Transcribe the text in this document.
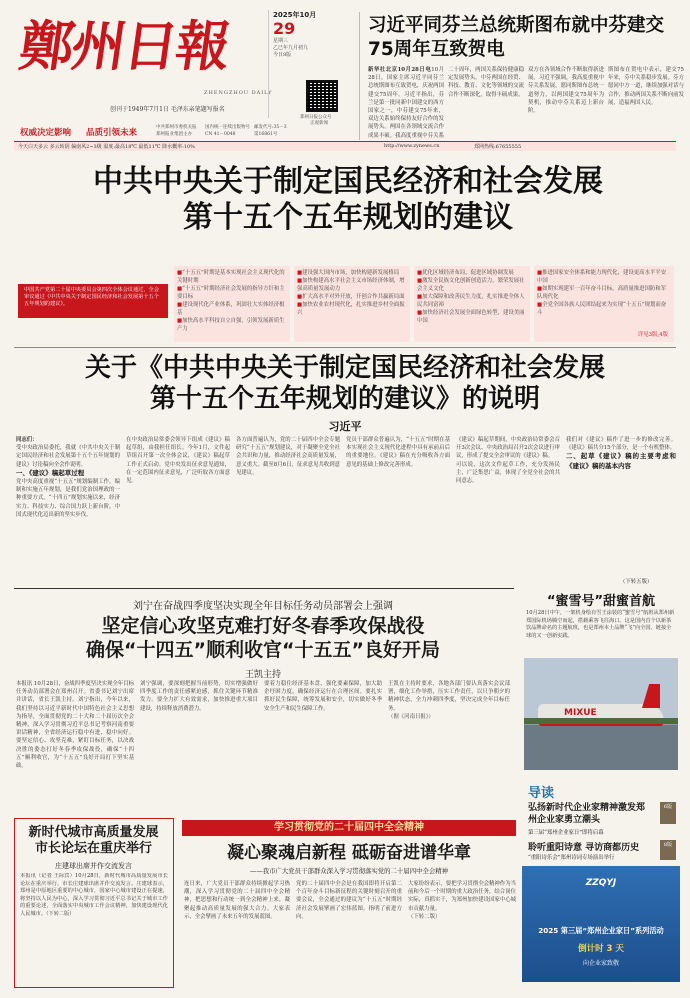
鄭州日報
ZHENGZHOU DAILY
创刊于1949年7月1日 毛泽东亲笔题写报名
2025年10月
29
星期三
乙巳年九月初九
今日8版
郑州日报公众号
正观新闻
权威决定影响 品质引领未来
中共郑州市委机关报
郑州报业集团主办
国内统一连续出版物号
CN 41－0048
邮发代号:35－3
第16861号
今天白天多云 多云转阴 偏南风2~3级 温度:最高18℃ 最低11℃ 降水概率:10%	http://www.zynews.cn	郑网热线:67655555
习近平同芬兰总统斯图布就中芬建交75周年互致贺电
新华社北京10月28日电10月28日，国家主席习近平同芬兰总统斯图布互致贺电，庆祝两国建交75周年。习近平指出，芬兰是第一批同新中国建交的西方国家之一，中芬建交75年来，双边关系始终保持友好合作的发展势头。两国在各领域交流合作成果丰硕。我高度重视中芬关系
二十周年，两国关系保持健康稳定发展势头。中芬两国在经贸、科技、教育、文化等领域的交流合作不断深化，取得丰硕成果。
双方在各领域合作不断取得新进展。习近平强调，我高度重视中芬关系发展，愿同斯图布总统一道努力，以两国建交75周年为契机，推动中芬关系迈上新台阶。
斯图布在贺电中表示，建交75年来，芬中关系稳步发展。芬方愿同中方一道，继续加强对话与合作，推动两国关系不断向前发展，造福两国人民。
中共中央关于制定国民经济和社会发展
第十五个五年规划的建议
中国共产党第二十届中央委员会第四次全体会议通过，全会审议通过《中共中央关于制定国民经济和社会发展第十五个五年规划的建议》。
■“十五五”时期是基本实现社会主义现代化的关键时期
■“十五五”时期经济社会发展的指导方针和主要目标
■建设现代化产业体系，巩固壮大实体经济根基
■加快高水平科技自立自强，引领发展新质生产力
■建设强大国内市场，加快构建新发展格局
■加快构建高水平社会主义市场经济体制，增强高质量发展动力
■扩大高水平对外开放，开创合作共赢新局面
■加快农业农村现代化，扎实推进乡村全面振兴
■优化区域经济布局，促进区域协调发展
■激发全民族文化创新创造活力，繁荣发展社会主义文化
■加大保障和改善民生力度，扎实推进全体人民共同富裕
■加快经济社会发展全面绿色转型，建设美丽中国
■推进国家安全体系和能力现代化，建设更高水平平安中国
■如期实现建军一百年奋斗目标，高质量推进国防和军队现代化
■全党全国各族人民团结起来为实现“十五五”规划而奋斗
详见3版,4版
关于《中共中央关于制定国民经济和社会发展
第十五个五年规划的建议》的说明
习近平
同志们：
受中央政治局委托，我就《中共中央关于制定国民经济和社会发展第十五个五年规划的建议》讨论稿向全会作说明。
一、《建议》稿起草过程
党中央高度重视“十五五”规划编制工作。编制和实施五年规划，是我们党治国理政的一种重要方式。“十四五”规划实施以来，经济实力、科技实力、综合国力跃上新台阶，中国式现代化迈出新的坚实步伐。
在中央政治局常委会领导下组成《建议》稿起草组，由我担任组长。今年1月，文件起草组召开第一次全体会议，《建议》稿起草工作正式启动。党中央发出征求意见通知，在一定范围内征求意见，广泛听取各方面意见。
各方面普遍认为，党的二十届四中全会专题研究“十五五”规划建议，对于凝聚全党全社会共识和力量，推动经济社会高质量发展，意义重大。截至8月6日，征求意见共收到意见建议。
党员干部群众普遍认为，“十五五”时期在基本实现社会主义现代化进程中具有承前启后的重要地位。《建议》稿在充分吸收各方面意见的基础上修改完善形成。
《建议》稿起草期间，中央政治局常委会召开3次会议、中央政治局召开2次会议进行审议，形成了提交全会审议的《建议》稿。
可以说，这次文件起草工作，充分发扬民主，广泛集思广益，体现了全党全社会的共同意志。
我们对《建议》稿作了进一步的修改完善。《建议》稿共分15个部分，是一个有机整体。
二、起草《建议》稿的主要考虑和《建议》稿的基本内容
（下转五版）
刘宁在奋战四季度坚决实现全年目标任务动员部署会上强调
坚定信心攻坚克难打好冬春季攻保战役
确保“十四五”顺利收官“十五五”良好开局
王凯主持
本报讯 10月28日，奋战四季度坚决实现全年目标任务动员部署会在郑州召开。省委书记刘宁出席并讲话，省长王凯主持。刘宁指出，今年以来，我们坚持以习近平新时代中国特色社会主义思想为指导，全面贯彻党的二十大和二十届历次全会精神，深入学习贯彻习近平总书记考察河南重要讲话精神，全省经济运行稳中有进、稳中向好。要坚定信心、攻坚克难，紧盯目标任务，以决战决胜的姿态打好冬春季攻保战役，确保“十四五”顺利收官，为“十五五”良好开局打下坚实基础。
刘宁强调，要深刻把握当前形势，切实增强做好四季度工作的责任感紧迫感，抓住关键环节精准发力。要全力扩大有效需求，加快推进重大项目建设，持续释放消费潜力。
要着力稳住经济基本盘，强化要素保障，加大助企纾困力度，确保经济运行在合理区间。要扎实抓好民生保障，统筹发展和安全，切实做好冬季安全生产和民生保障工作。
王凯在主持时要求，各地各部门要认真落实会议部署，细化工作举措，压实工作责任，以只争朝夕的精神状态，全力冲刺四季度，坚决完成全年目标任务。
（据《河南日报》）
“蜜雪号”甜蜜首航
10月28日中午，一架机身绘有雪王涂装的“蜜雪号”航班从郑州新郑国际机场腾空而起，搭载乘客飞往海口。这是国内首个以新茶饮品牌命名的主题航班，也是郑州本土品牌“飞”向全国、链接全球的又一创新实践。
MIXUE
导读
弘扬新时代企业家精神激发郑州企业家勇立潮头
第三届“郑州企业家日”即将启幕
6版
聆听重阳诗意 寻访商都历史
“重阳诗乐会”郑州诗词专场演出举行
8版
ZZQYJ
2025 第三届“郑州企业家日”系列活动
倒计时 3 天
向企业家致敬
新时代城市高质量发展
市长论坛在重庆举行
庄建球出席并作交流发言
本报讯（记者 王际宾）10月28日，新时代城市高质量发展市长论坛在重庆举行。市长庄建球出席并作交流发言。庄建球表示，郑州是中原地区重要的中心城市，国家中心城市建设正在提速，将坚持以人民为中心，深入学习贯彻习近平总书记关于城市工作的重要论述，全面落实中央城市工作会议精神，加快建设现代化人民城市。（下转二版）
学习贯彻党的二十届四中全会精神
凝心聚魂启新程 砥砺奋进谱华章
——我市广大党员干部群众深入学习贯彻落实党的二十届四中全会精神
连日来，广大党员干部群众持续掀起学习热潮，深入学习贯彻党的二十届四中全会精神，把思想和行动统一到全会精神上来，凝聚起推动高质量发展的强大合力。大家表示，全会擘画了未来五年的发展蓝图。
党的二十届四中全会是在我国即将开启第二个百年奋斗目标新征程的关键时刻召开的重要会议，全会通过的建议为“十五五”时期经济社会发展擘画了宏伟蓝图，指明了前进方向。
大家纷纷表示，要把学习贯彻全会精神作为当前和今后一个时期的重大政治任务，结合岗位实际，真抓实干，为郑州加快建设国家中心城市贡献力量。
（下转二版）
